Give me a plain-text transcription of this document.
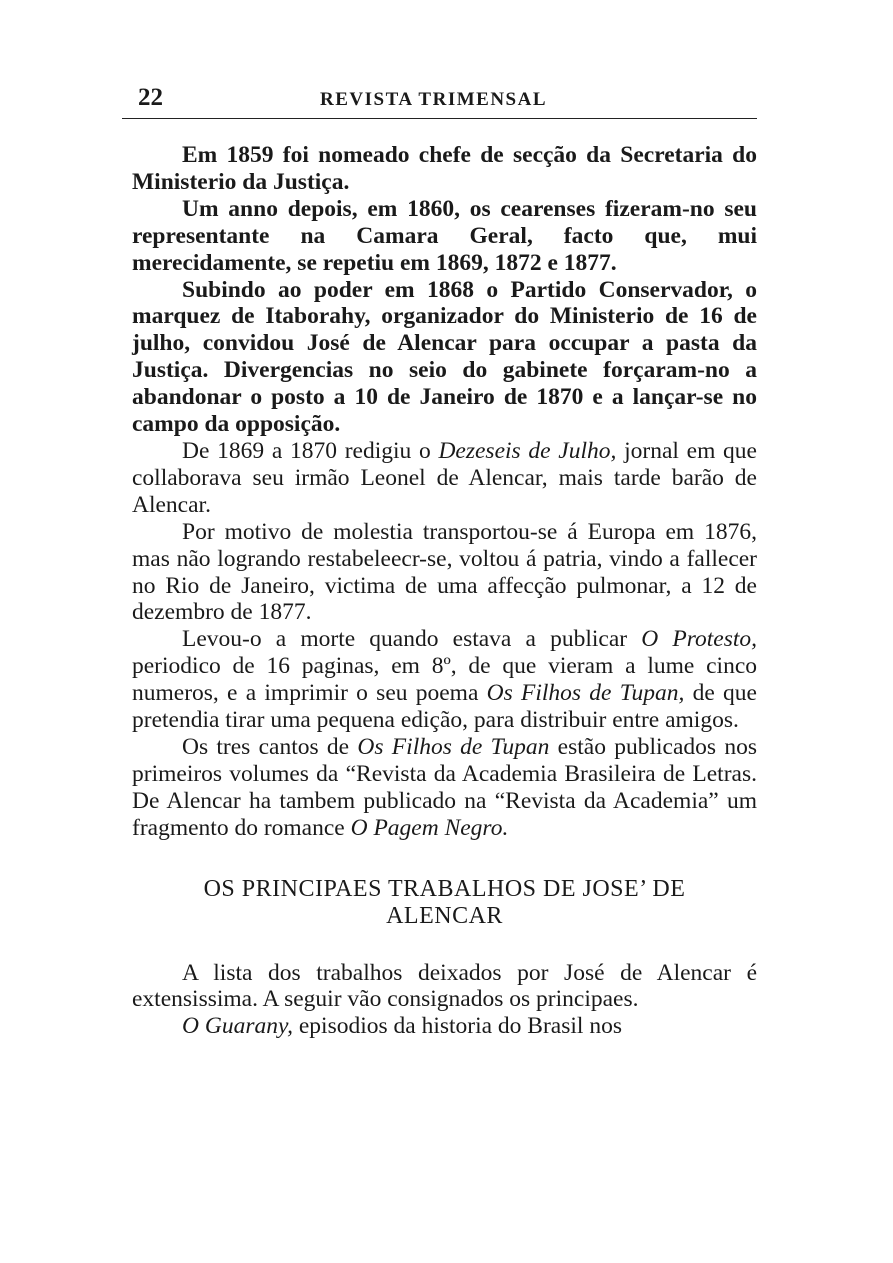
22	REVISTA TRIMENSAL

Em 1859 foi nomeado chefe de secção da Secretaria do Ministerio da Justiça.

Um anno depois, em 1860, os cearenses fizeram-no seu representante na Camara Geral, facto que, mui merecidamente, se repetiu em 1869, 1872 e 1877.

Subindo ao poder em 1868 o Partido Conservador, o marquez de Itaborahy, organizador do Ministerio de 16 de julho, convidou José de Alencar para occupar a pasta da Justiça. Divergencias no seio do gabinete forçaram-no a abandonar o posto a 10 de Janeiro de 1870 e a lançar-se no campo da opposição.

De 1869 a 1870 redigiu o Dezeseis de Julho, jornal em que collaborava seu irmão Leonel de Alencar, mais tarde barão de Alencar.

Por motivo de molestia transportou-se á Europa em 1876, mas não logrando restabeleecr-se, voltou á patria, vindo a fallecer no Rio de Janeiro, victima de uma affecção pulmonar, a 12 de dezembro de 1877.

Levou-o a morte quando estava a publicar O Protesto, periodico de 16 paginas, em 8º, de que vieram a lume cinco numeros, e a imprimir o seu poema Os Filhos de Tupan, de que pretendia tirar uma pequena edição, para distribuir entre amigos.

Os tres cantos de Os Filhos de Tupan estão publicados nos primeiros volumes da “Revista da Academia Brasileira de Letras. De Alencar ha tambem publicado na “Revista da Academia” um fragmento do romance O Pagem Negro.

OS PRINCIPAES TRABALHOS DE JOSE’ DE
ALENCAR

A lista dos trabalhos deixados por José de Alencar é extensissima. A seguir vão consignados os principaes.

O Guarany, episodios da historia do Brasil nos
